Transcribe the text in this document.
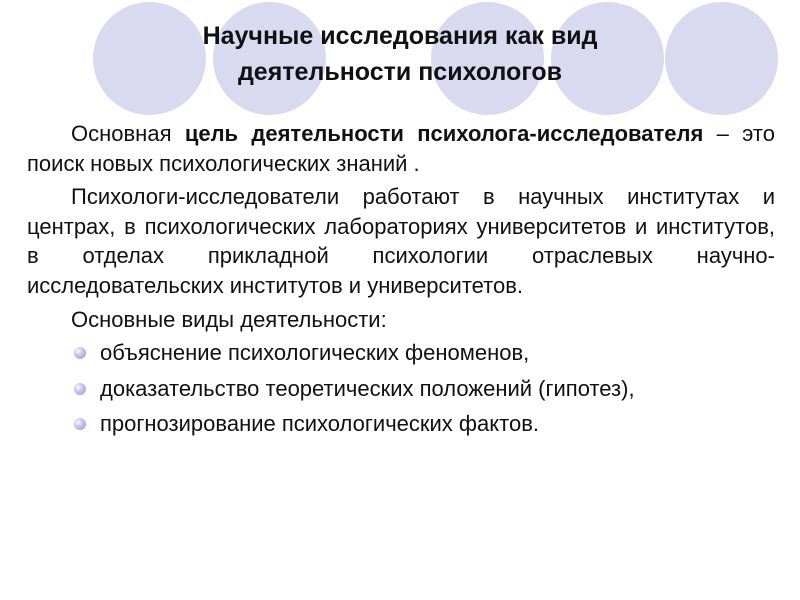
Научные исследования как вид
деятельности психологов

Основная цель деятельности психолога-исследователя – это поиск новых психологических знаний .

Психологи-исследователи работают в научных институтах и центрах, в психологических лабораториях университетов и институтов, в отделах прикладной психологии отраслевых научно-исследовательских институтов и университетов.

Основные виды деятельности:

объяснение психологических феноменов,
доказательство теоретических положений (гипотез),
прогнозирование психологических фактов.
